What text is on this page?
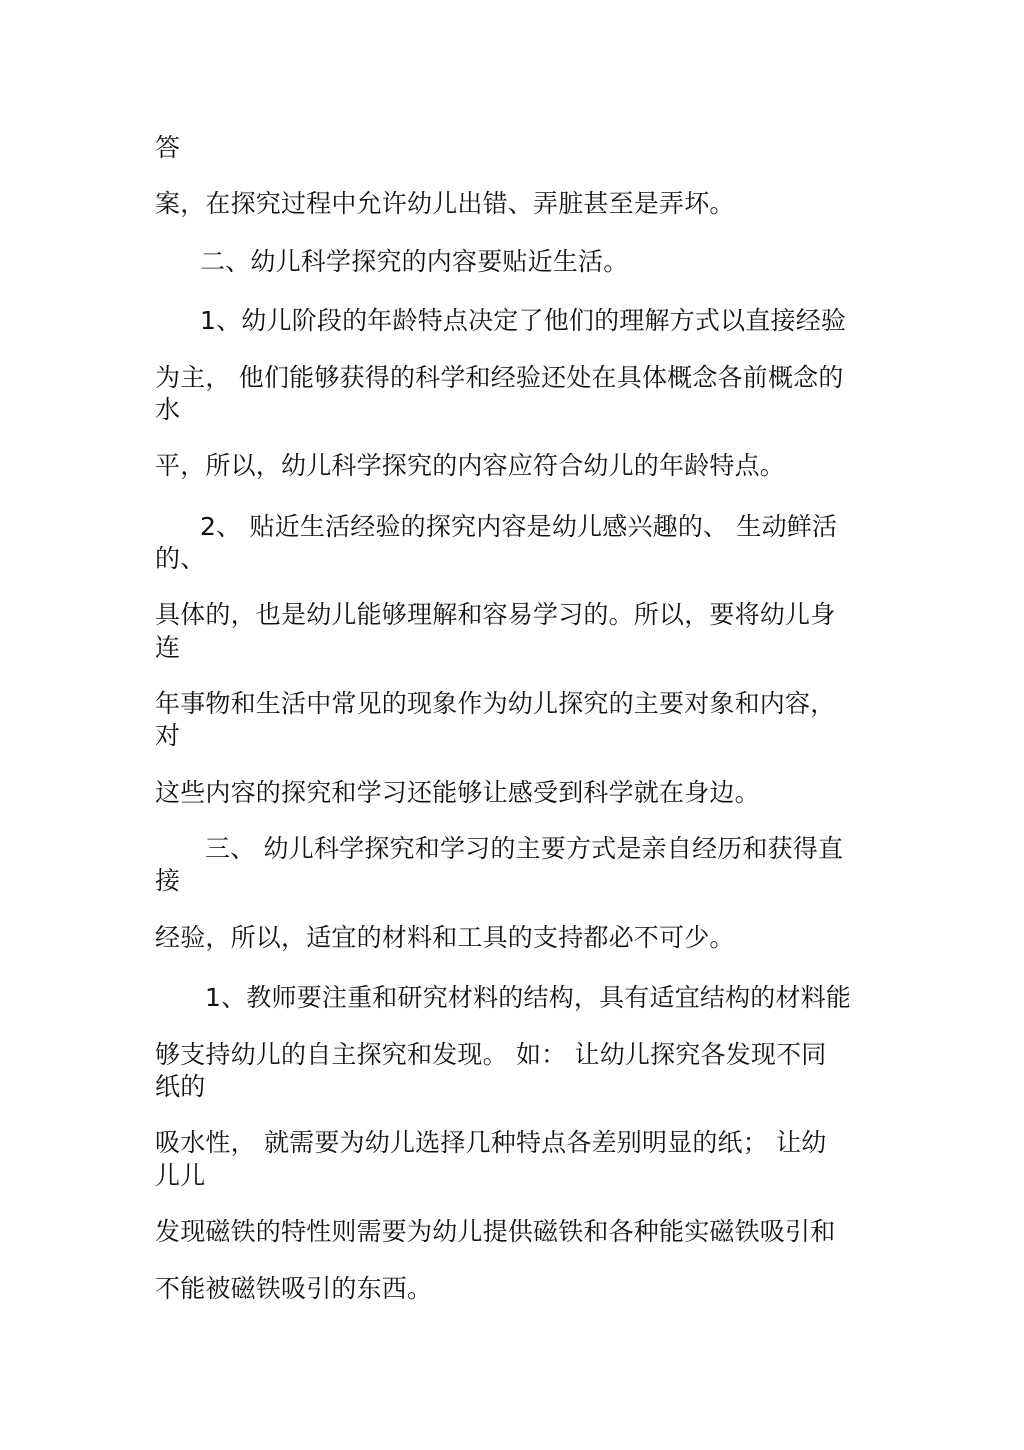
答
案，在探究过程中允许幼儿出错、弄脏甚至是弄坏。
二、幼儿科学探究的内容要贴近生活。
1、幼儿阶段的年龄特点决定了他们的理解方式以直接经验
为主， 他们能够获得的科学和经验还处在具体概念各前概念的
水
平，所以，幼儿科学探究的内容应符合幼儿的年龄特点。
2、 贴近生活经验的探究内容是幼儿感兴趣的、 生动鲜活
的、
具体的，也是幼儿能够理解和容易学习的。所以，要将幼儿身
连
年事物和生活中常见的现象作为幼儿探究的主要对象和内容，
对
这些内容的探究和学习还能够让感受到科学就在身边。
三、 幼儿科学探究和学习的主要方式是亲自经历和获得直
接
经验，所以，适宜的材料和工具的支持都必不可少。
1、教师要注重和研究材料的结构，具有适宜结构的材料能
够支持幼儿的自主探究和发现。 如： 让幼儿探究各发现不同
纸的
吸水性， 就需要为幼儿选择几种特点各差别明显的纸； 让幼
儿儿
发现磁铁的特性则需要为幼儿提供磁铁和各种能实磁铁吸引和
不能被磁铁吸引的东西。
